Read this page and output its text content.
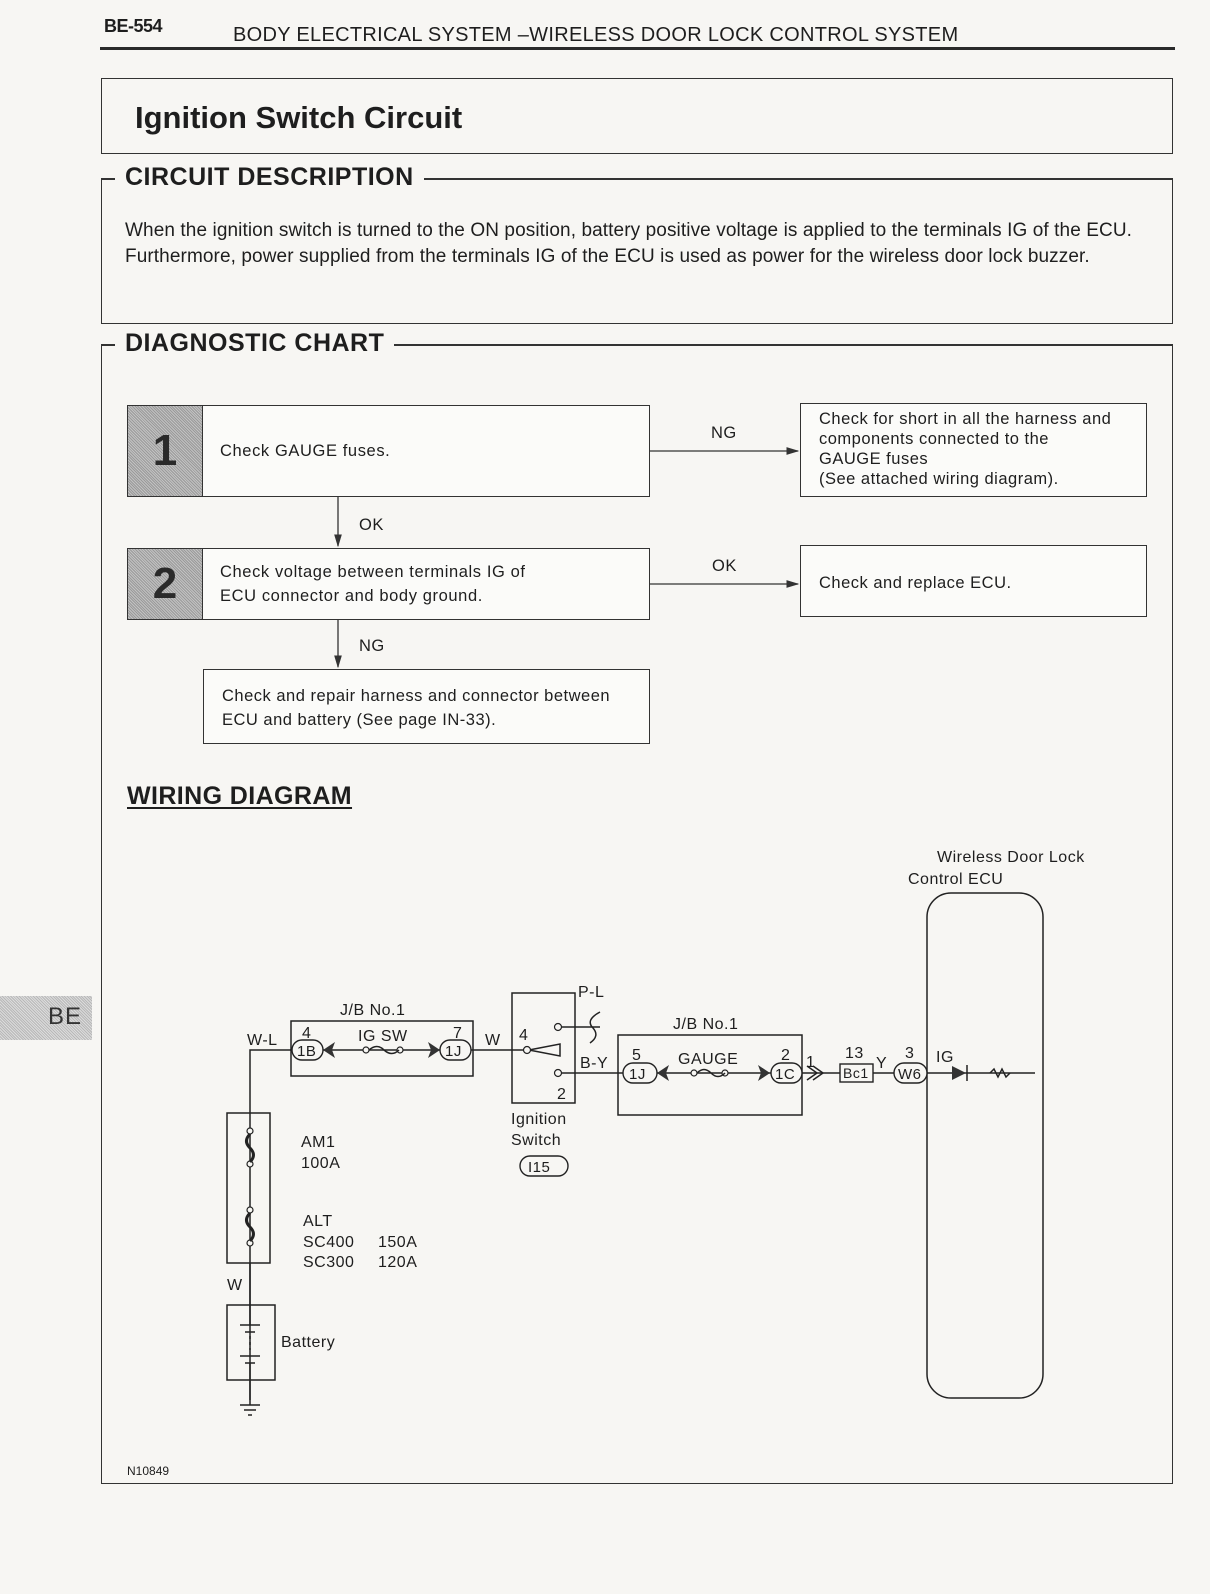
BE-554	BODY ELECTRICAL SYSTEM –WIRELESS DOOR LOCK CONTROL SYSTEM
Ignition Switch Circuit
CIRCUIT DESCRIPTION
When the ignition switch is turned to the ON position, battery positive voltage is applied to the terminals IG of the ECU. Furthermore, power supplied from the terminals IG of the ECU is used as power for the wireless door lock buzzer.
DIAGNOSTIC CHART
1	Check GAUGE fuses.
Check for short in all the harness and
components connected to the
GAUGE fuses
(See attached wiring diagram).
NG
OK
2	Check voltage between terminals IG of
ECU connector and body ground.
Check and replace ECU.
OK
NG
Check and repair harness and connector between
ECU and battery (See page IN-33).
WIRING DIAGRAM
Wireless Door Lock
Control ECU
J/B No.1
IG SW
4	7
1B	1J
W-L	W 4
2
P-L
B-Y
Ignition
Switch
I15
J/B No.1
GAUGE
5	2
1J	1C
1
13
Bc1
Y
3
W6
IG
AM1
100A
ALT
SC400 150A
SC300 120A
W
Battery
BE
N10849
